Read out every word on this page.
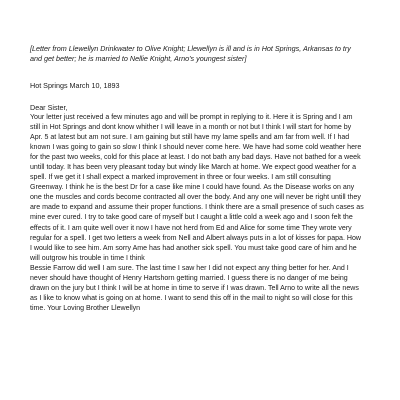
[Letter from Llewellyn Drinkwater to Olive Knight; Llewellyn is ill and is in Hot Springs, Arkansas to try and get better; he is married to Nellie Knight, Arno's youngest sister]
Hot Springs March 10, 1893
Dear Sister,

Your letter just received a few minutes ago and will be prompt in replying to it. Here it is Spring and I am still in Hot Springs and dont know whither I will leave in a month or not but I think I will start for home by Apr. 5 at latest but am not sure. I am gaining but still have my lame spells and am far from well. If I had known I was going to gain so slow I think I should never come here. We have had some cold weather here for the past two weeks, cold for this place at least. I do not bath any bad days. Have not bathed for a week untill today. It has been very pleasant today but windy like March at home. We expect good weather for a spell. If we get it I shall expect a marked improvement in three or four weeks. I am still consulting Greenway. I think he is the best Dr for a case like mine I could have found. As the Disease works on any one the muscles and cords become contracted all over the body. And any one will never be right untill they are made to expand and assume their proper functions. I think there are a small presence of such cases as mine ever cured. I try to take good care of myself but I caught a little cold a week ago and I soon felt the effects of it. I am quite well over it now I have not herd from Ed and Alice for some time They wrote very regular for a spell. I get two letters a week from Nell and Albert always puts in a lot of kisses for papa. How I would like to see him. Am sorry Ame has had another sick spell. You must take good care of him and he will outgrow his trouble in time I think

Bessie Farrow did well I am sure. The last time I saw her I did not expect any thing better for her. And I never should have thought of Henry Hartshorn getting married. I guess there is no danger of me being drawn on the jury but I think I will be at home in time to serve if I was drawn. Tell Arno to write all the news as I like to know what is going on at home. I want to send this off in the mail to night so will close for this time. Your Loving Brother Llewellyn
